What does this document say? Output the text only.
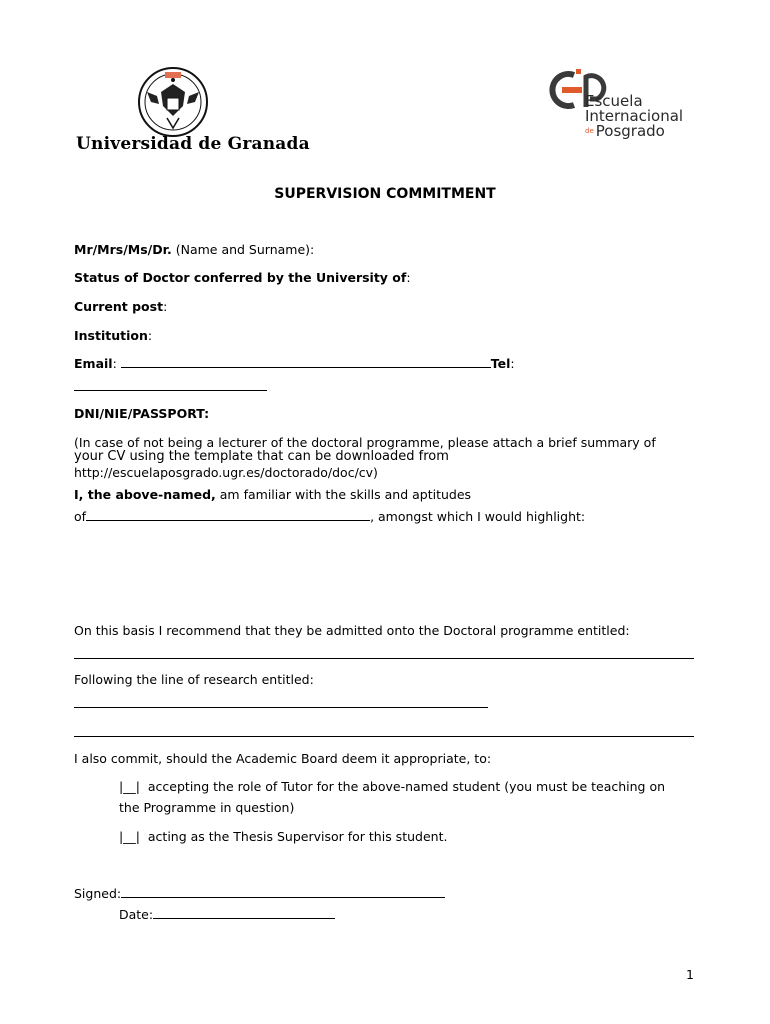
Universidad de Granada
Escuela
Internacional
de Posgrado
SUPERVISION COMMITMENT
Mr/Mrs/Ms/Dr. (Name and Surname):
Status of Doctor conferred by the University of:
Current post:
Institution:
Email:	Tel:
DNI/NIE/PASSPORT:
(In case of not being a lecturer of the doctoral programme, please attach a brief summary of
your CV using the template that can be downloaded from
http://escuelaposgrado.ugr.es/doctorado/doc/cv)
I, the above-named, am familiar with the skills and aptitudes
of	, amongst which I would highlight:
On this basis I recommend that they be admitted onto the Doctoral programme entitled:
Following the line of research entitled:
I also commit, should the Academic Board deem it appropriate, to:
|__| accepting the role of Tutor for the above-named student (you must be teaching on
the Programme in question)
|__| acting as the Thesis Supervisor for this student.
Signed:
Date:
1
